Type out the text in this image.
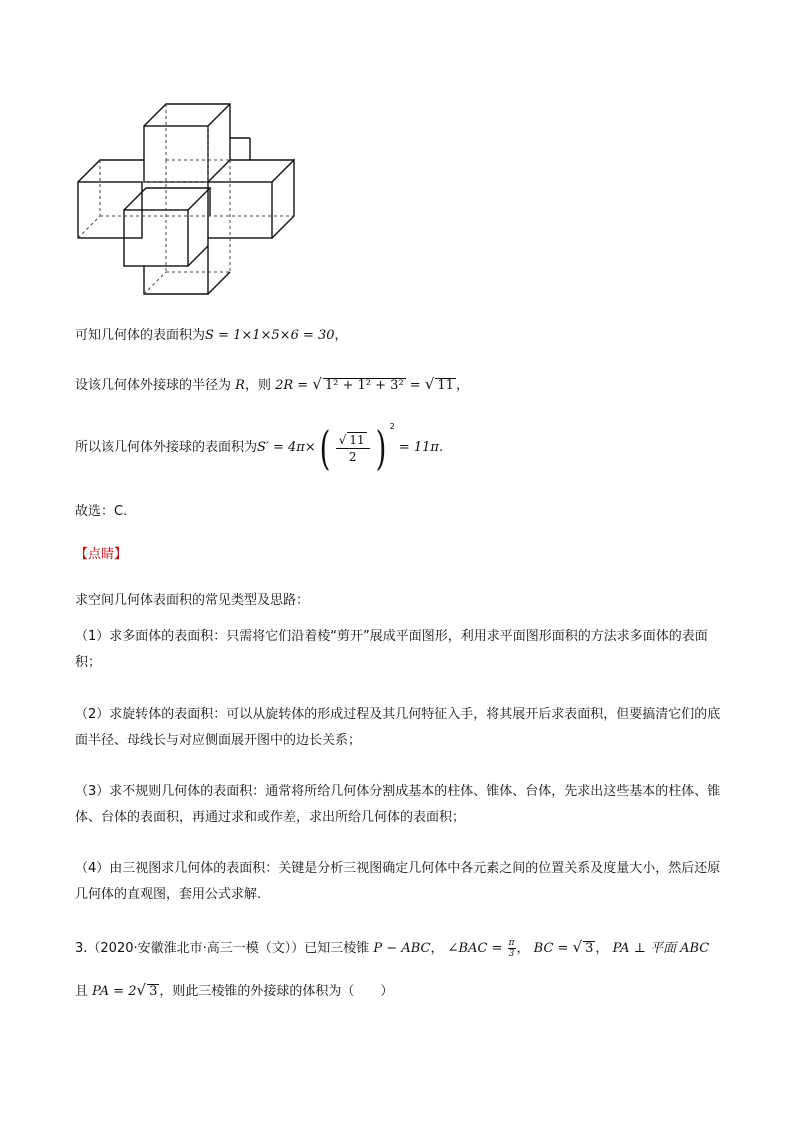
可知几何体的表面积为S = 1×1×5×6 = 30，
设该几何体外接球的半径为 R，则 2R = √ 1² + 1² + 3² = √ 11 ，
所以该几何体外接球的表面积为$S' = 4\pi\times( \frac{√ 11}{2}$ ) $^2$ = 11π.
故选：C.
【点睛】
求空间几何体表面积的常见类型及思路：
（1）求多面体的表面积：只需将它们沿着棱“剪开”展成平面图形，利用求平面图形面积的方法求多面体的表面积；
（2）求旋转体的表面积：可以从旋转体的形成过程及其几何特征入手，将其展开后求表面积，但要搞清它们的底面半径、母线长与对应侧面展开图中的边长关系；
（3）求不规则几何体的表面积：通常将所给几何体分割成基本的柱体、锥体、台体，先求出这些基本的柱体、锥体、台体的表面积，再通过求和或作差，求出所给几何体的表面积；
（4）由三视图求几何体的表面积：关键是分析三视图确定几何体中各元素之间的位置关系及度量大小，然后还原几何体的直观图，套用公式求解.
3.（2020·安徽淮北市·高三一模（文））已知三棱锥 P − ABC， ∠BAC = $\frac{\pi}{3}$ ， BC = √ 3 ， PA ⊥ 平面 ABC
且 PA = 2√ 3 ，则此三棱锥的外接球的体积为（　　）
